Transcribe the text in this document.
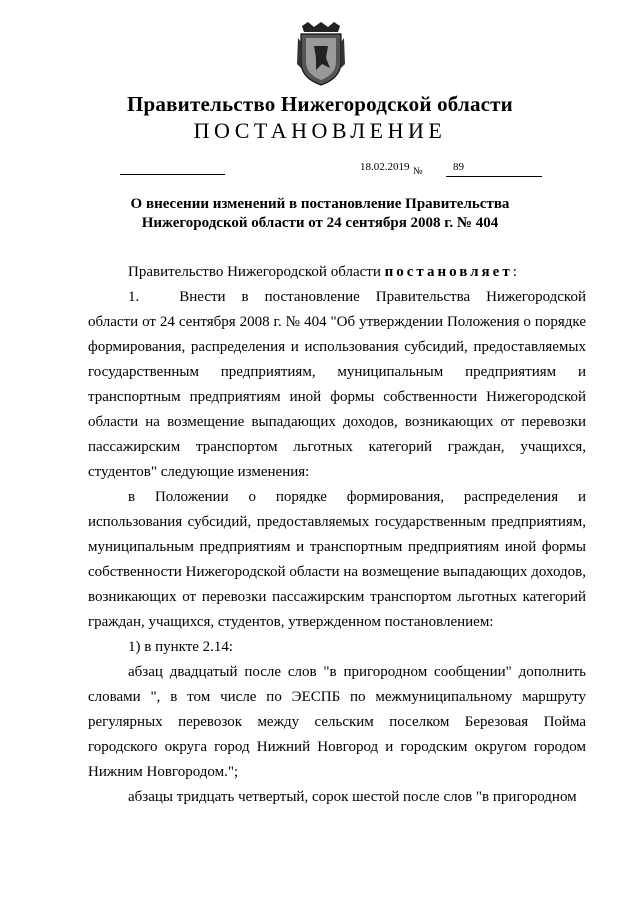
Правительство Нижегородской области
ПОСТАНОВЛЕНИЕ
18.02.2019 №	89
О внесении изменений в постановление Правительства Нижегородской области от 24 сентября 2008 г. № 404

Правительство Нижегородской области постановляет:

1.	Внести в постановление Правительства Нижегородской области от 24 сентября 2008 г. № 404 "Об утверждении Положения о порядке формирования, распределения и использования субсидий, предоставляемых государственным предприятиям, муниципальным предприятиям и транспортным предприятиям иной формы собственности Нижегородской области на возмещение выпадающих доходов, возникающих от перевозки пассажирским транспортом льготных категорий граждан, учащихся, студентов" следующие изменения:

в Положении о порядке формирования, распределения и использования субсидий, предоставляемых государственным предприятиям, муниципальным предприятиям и транспортным предприятиям иной формы собственности Нижегородской области на возмещение выпадающих доходов, возникающих от перевозки пассажирским транспортом льготных категорий граждан, учащихся, студентов, утвержденном постановлением:

1) в пункте 2.14:

абзац двадцатый после слов "в пригородном сообщении" дополнить словами ", в том числе по ЭЕСПБ по межмуниципальному маршруту регулярных перевозок между сельским поселком Березовая Пойма городского округа город Нижний Новгород и городским округом городом Нижним Новгородом.";

абзацы тридцать четвертый, сорок шестой после слов "в пригородном
